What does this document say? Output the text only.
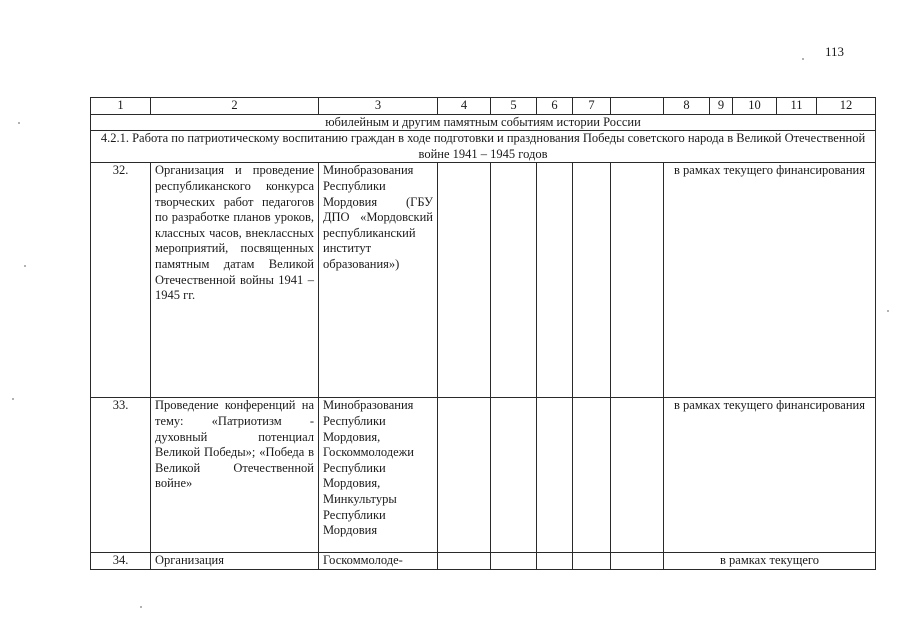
113
1	2	3	4	5	6	7		8	9	10	11	12
юбилейным и другим памятным событиям истории России												
4.2.1. Работа по патриотическому воспитанию граждан в ходе подготовки и празднования Победы советского народа в Великой Отечественной войне 1941 – 1945 годов												
32.	Организация и проведение республиканского конкурса творческих работ педагогов по разработке планов уроков, классных часов, внеклассных мероприятий, посвященных памятным датам Великой Отечественной войны 1941 – 1945 гг.	Минобразования Республики Мордовия (ГБУ ДПО «Мордовский республиканский институт образования»)						в рамках текущего финансирования				
33.	Проведение конференций на тему: «Патриотизм - духовный потенциал Великой Победы»; «Победа в Великой Отечественной войне»	Минобразования Республики Мордовия, Госкоммолодежи Республики Мордовия, Минкультуры Республики Мордовия						в рамках текущего финансирования				
34.	Организация	Госкоммолоде-						в рамках текущего				
